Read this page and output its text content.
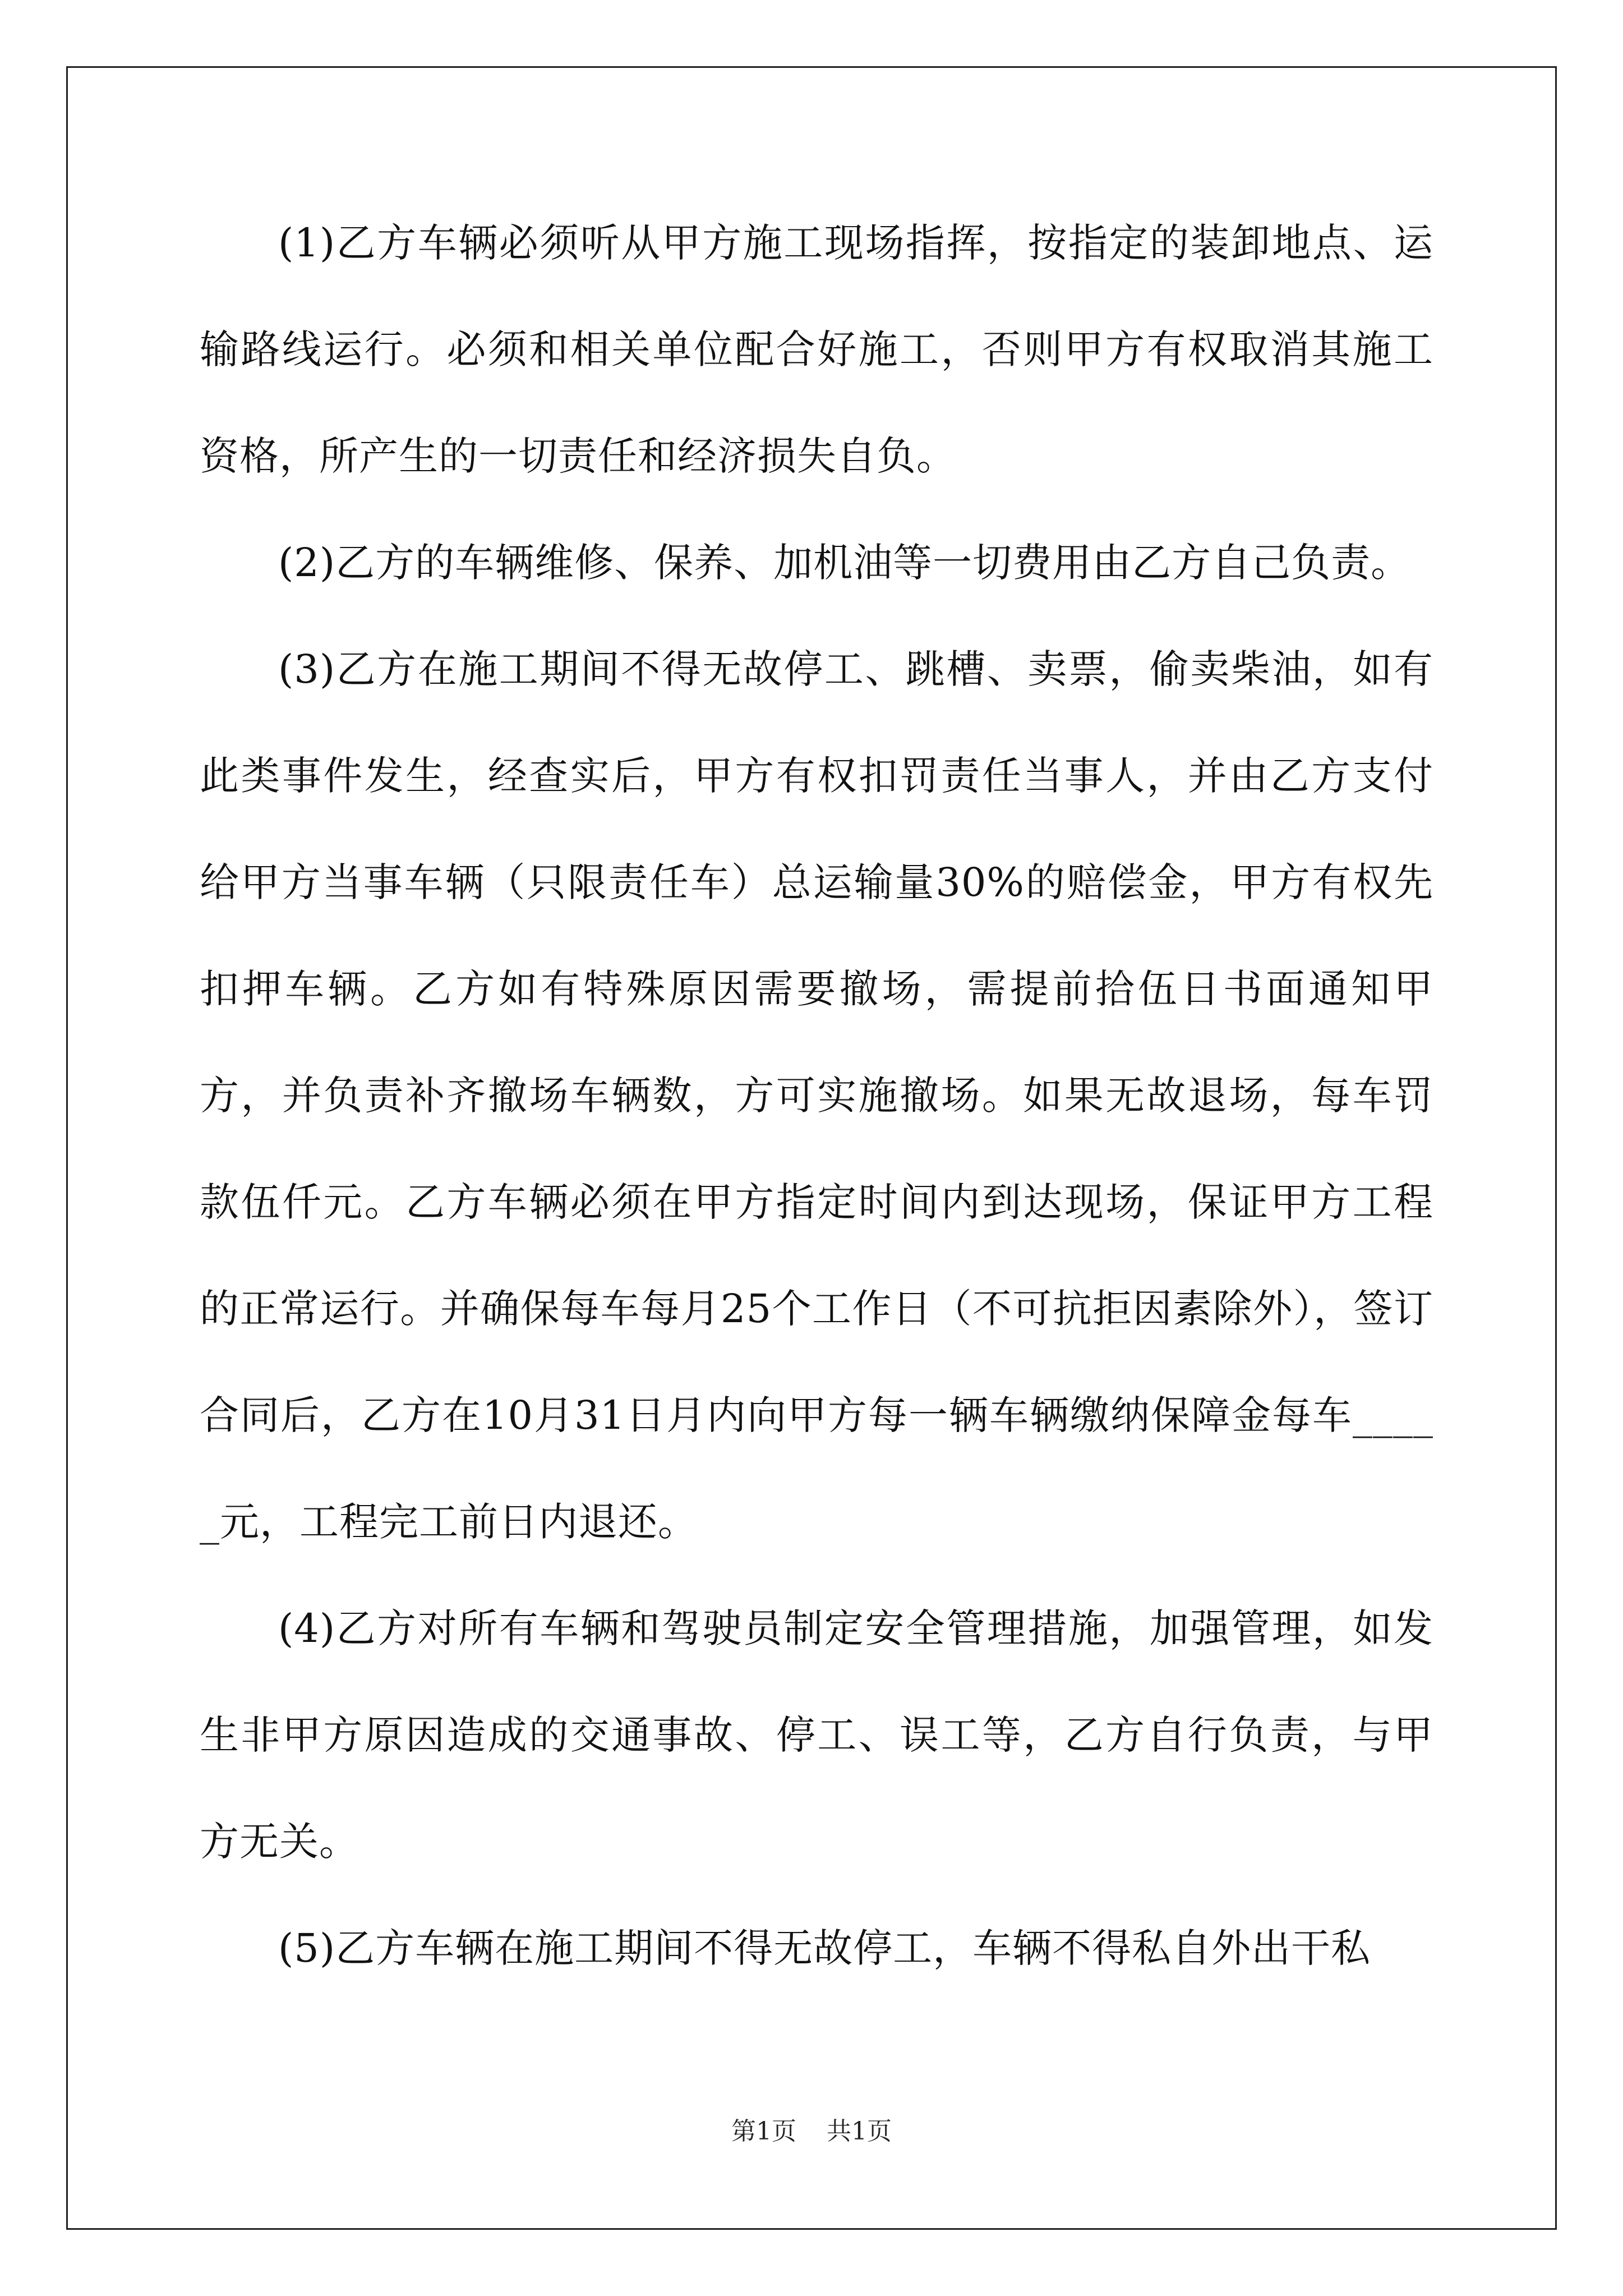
(1)乙方车辆必须听从甲方施工现场指挥，按指定的装卸地点、运输路线运行。必须和相关单位配合好施工，否则甲方有权取消其施工资格，所产生的一切责任和经济损失自负。

(2)乙方的车辆维修、保养、加机油等一切费用由乙方自己负责。

(3)乙方在施工期间不得无故停工、跳槽、卖票，偷卖柴油，如有此类事件发生，经查实后，甲方有权扣罚责任当事人，并由乙方支付给甲方当事车辆（只限责任车）总运输量30%的赔偿金，甲方有权先扣押车辆。乙方如有特殊原因需要撤场，需提前拾伍日书面通知甲方，并负责补齐撤场车辆数，方可实施撤场。如果无故退场，每车罚款伍仟元。乙方车辆必须在甲方指定时间内到达现场，保证甲方工程的正常运行。并确保每车每月25个工作日（不可抗拒因素除外），签订合同后，乙方在10月31日月内向甲方每一辆车辆缴纳保障金每车_____元，工程完工前日内退还。

(4)乙方对所有车辆和驾驶员制定安全管理措施，加强管理，如发生非甲方原因造成的交通事故、停工、误工等，乙方自行负责，与甲方无关。

(5)乙方车辆在施工期间不得无故停工，车辆不得私自外出干私

第1页 共1页
